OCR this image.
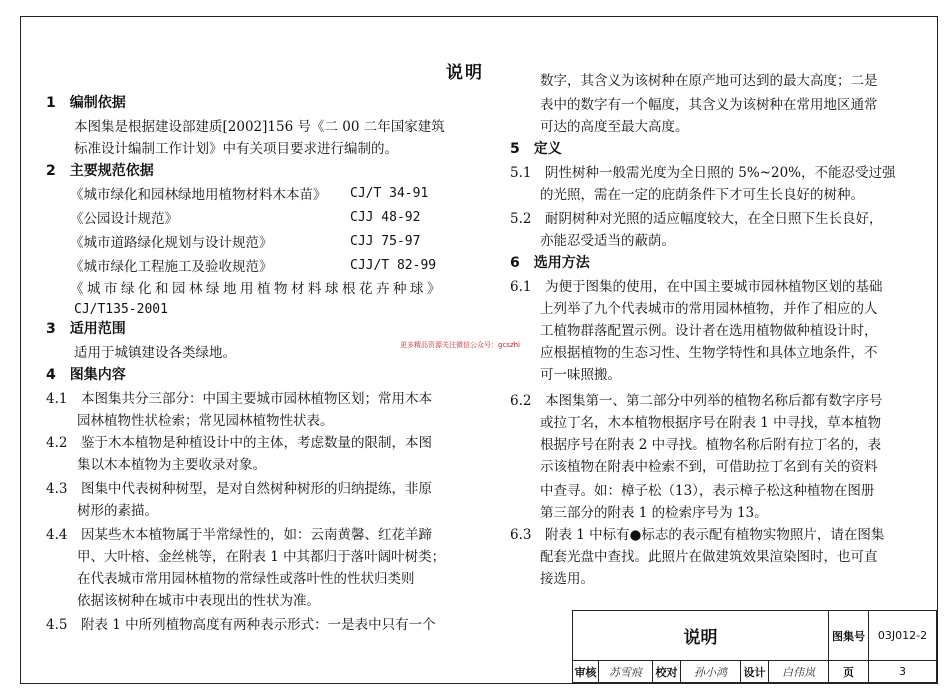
说明
1　编制依据
本图集是根据建设部建质[2002]156 号《二 00 二年国家建筑
标准设计编制工作计划》中有关项目要求进行编制的。
2　主要规范依据
《城市绿化和园林绿地用植物材料木本苗》 CJ/T 34-91
《公园设计规范》	CJJ 48-92
《城市道路绿化规划与设计规范》	CJJ 75-97
《城市绿化工程施工及验收规范》	CJJ/T 82-99
《城市绿化和园林绿地用植物材料球根花卉种球》
CJ/T135-2001
3　适用范围
适用于城镇建设各类绿地。
4　图集内容
4.1　本图集共分三部分：中国主要城市园林植物区划；常用木本
园林植物性状检索；常见园林植物性状表。
4.2　鉴于木本植物是种植设计中的主体，考虑数量的限制，本图
集以木本植物为主要收录对象。
4.3　图集中代表树种树型，是对自然树种树形的归纳提练，非原
树形的素描。
4.4　因某些木本植物属于半常绿性的，如：云南黄馨、红花羊蹄
甲、大叶榕、金丝桃等，在附表 1 中其都归于落叶阔叶树类；
在代表城市常用园林植物的常绿性或落叶性的性状归类则
依据该树种在城市中表现出的性状为准。
4.5　附表 1 中所列植物高度有两种表示形式：一是表中只有一个
数字，其含义为该树种在原产地可达到的最大高度；二是
表中的数字有一个幅度，其含义为该树种在常用地区通常
可达的高度至最大高度。
5　定义
5.1　阴性树种一般需光度为全日照的 5%~20%，不能忍受过强
的光照，需在一定的庇荫条件下才可生长良好的树种。
5.2　耐阴树种对光照的适应幅度较大，在全日照下生长良好，
亦能忍受适当的蔽荫。
6　选用方法
6.1　为便于图集的使用，在中国主要城市园林植物区划的基础
上列举了九个代表城市的常用园林植物，并作了相应的人
工植物群落配置示例。设计者在选用植物做种植设计时，
应根据植物的生态习性、生物学特性和具体立地条件，不
可一味照搬。
6.2　本图集第一、第二部分中列举的植物名称后都有数字序号
或拉丁名，木本植物根据序号在附表 1 中寻找，草本植物
根据序号在附表 2 中寻找。植物名称后附有拉丁名的，表
示该植物在附表中检索不到，可借助拉丁名到有关的资料
中查寻。如：樟子松（13），表示樟子松这种植物在图册
第三部分的附表 1 的检索序号为 13。
6.3　附表 1 中标有●标志的表示配有植物实物照片，请在图集
配套光盘中查找。此照片在做建筑效果渲染图时，也可直
接选用。
更多精品资源关注微信公众号：gcszhi
说明	图集号	03J012-2
审核	苏雪痕	校对	孙小鸿	设计	白伟岚	页	3
